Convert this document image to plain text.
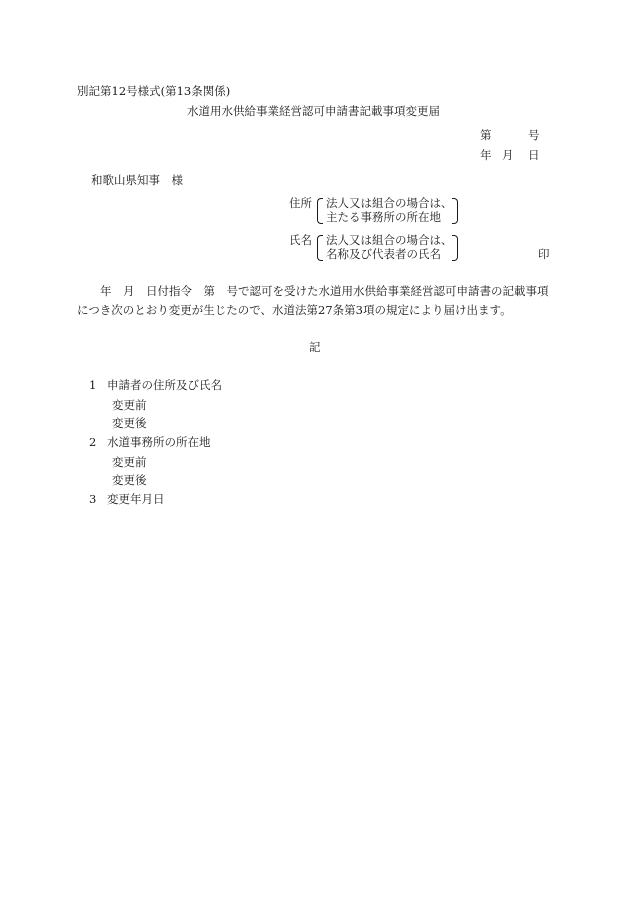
別記第12号様式(第13条関係)
水道用水供給事業経営認可申請書記載事項変更届
第	号
年 月 日
和歌山県知事　様
住所 法人又は組合の場合は、
主たる事務所の所在地
氏名 法人又は組合の場合は、
名称及び代表者の氏名	印
年　月　日付指令　第　号で認可を受けた水道用水供給事業経営認可申請書の記載事項につき次のとおり変更が生じたので、水道法第27条第3項の規定により届け出ます。
記
1 申請者の住所及び氏名
変更前
変更後
2 水道事務所の所在地
変更前
変更後
3 変更年月日
